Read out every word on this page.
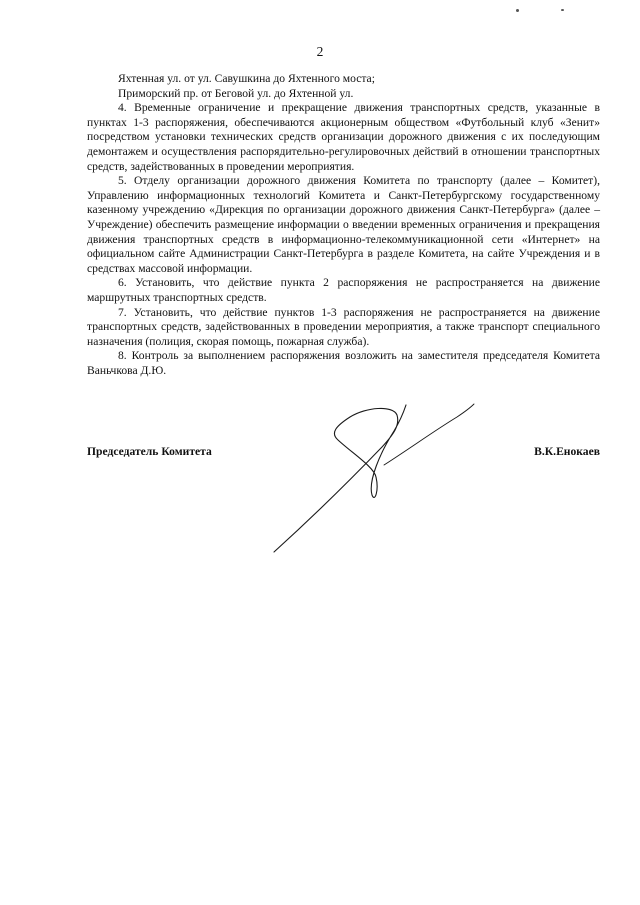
2

Яхтенная ул. от ул. Савушкина до Яхтенного моста;

Приморский пр. от Беговой ул. до Яхтенной ул.

4. Временные ограничение и прекращение движения транспортных средств, указанные в пунктах 1-3 распоряжения, обеспечиваются акционерным обществом «Футбольный клуб «Зенит» посредством установки технических средств организации дорожного движения с их последующим демонтажем и осуществления распорядительно-регулировочных действий в отношении транспортных средств, задействованных в проведении мероприятия.

5. Отделу организации дорожного движения Комитета по транспорту (далее – Комитет), Управлению информационных технологий Комитета и Санкт-Петербургскому государственному казенному учреждению «Дирекция по организации дорожного движения Санкт-Петербурга» (далее – Учреждение) обеспечить размещение информации о введении временных ограничения и прекращения движения транспортных средств в информационно-телекоммуникационной сети «Интернет» на официальном сайте Администрации Санкт-Петербурга в разделе Комитета, на сайте Учреждения и в средствах массовой информации.

6. Установить, что действие пункта 2 распоряжения не распространяется на движение маршрутных транспортных средств.

7. Установить, что действие пунктов 1-3 распоряжения не распространяется на движение транспортных средств, задействованных в проведении мероприятия, а также транспорт специального назначения (полиция, скорая помощь, пожарная служба).

8. Контроль за выполнением распоряжения возложить на заместителя председателя Комитета Ваньчкова Д.Ю.

Председатель Комитета	В.К.Енокаев
